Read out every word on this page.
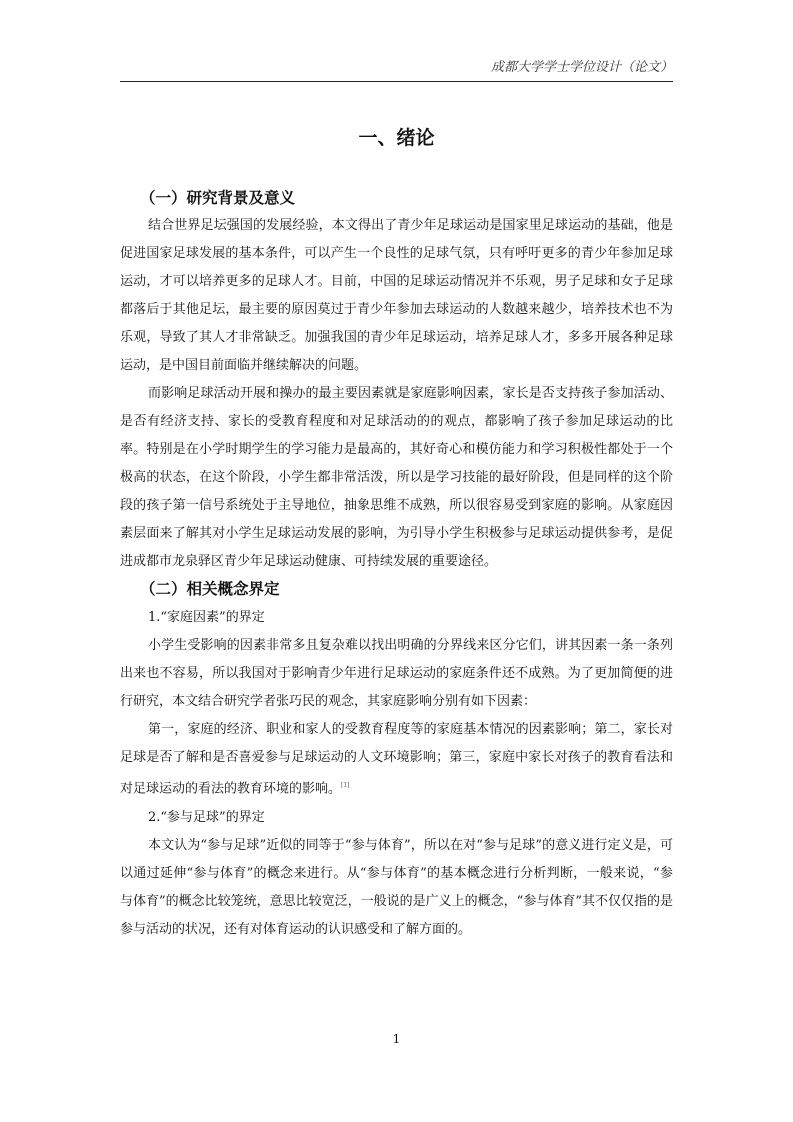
成都大学学士学位设计（论文）
一、绪论
（一）研究背景及意义

结合世界足坛强国的发展经验，本文得出了青少年足球运动是国家里足球运动的基础，他是促进国家足球发展的基本条件，可以产生一个良性的足球气氛，只有呼吁更多的青少年参加足球运动，才可以培养更多的足球人才。目前，中国的足球运动情况并不乐观，男子足球和女子足球都落后于其他足坛，最主要的原因莫过于青少年参加去球运动的人数越来越少，培养技术也不为乐观，导致了其人才非常缺乏。加强我国的青少年足球运动，培养足球人才，多多开展各种足球运动，是中国目前面临并继续解决的问题。

而影响足球活动开展和操办的最主要因素就是家庭影响因素，家长是否支持孩子参加活动、是否有经济支持、家长的受教育程度和对足球活动的的观点，都影响了孩子参加足球运动的比率。特别是在小学时期学生的学习能力是最高的，其好奇心和模仿能力和学习积极性都处于一个极高的状态，在这个阶段，小学生都非常活泼，所以是学习技能的最好阶段，但是同样的这个阶段的孩子第一信号系统处于主导地位，抽象思维不成熟，所以很容易受到家庭的影响。从家庭因素层面来了解其对小学生足球运动发展的影响，为引导小学生积极参与足球运动提供参考，是促进成都市龙泉驿区青少年足球运动健康、可持续发展的重要途径。

（二）相关概念界定
1.“家庭因素”的界定

小学生受影响的因素非常多且复杂难以找出明确的分界线来区分它们，讲其因素一条一条列出来也不容易，所以我国对于影响青少年进行足球运动的家庭条件还不成熟。为了更加简便的进行研究，本文结合研究学者张巧民的观念，其家庭影响分别有如下因素：

第一，家庭的经济、职业和家人的受教育程度等的家庭基本情况的因素影响；第二，家长对足球是否了解和是否喜爱参与足球运动的人文环境影响；第三，家庭中家长对孩子的教育看法和对足球运动的看法的教育环境的影响。[1]

2.“参与足球”的界定

本文认为“参与足球”近似的同等于“参与体育”，所以在对“参与足球”的意义进行定义是，可以通过延伸“参与体育”的概念来进行。从“参与体育”的基本概念进行分析判断，一般来说，“参与体育”的概念比较笼统，意思比较宽泛，一般说的是广义上的概念，“参与体育”其不仅仅指的是参与活动的状况，还有对体育运动的认识感受和了解方面的。

1
